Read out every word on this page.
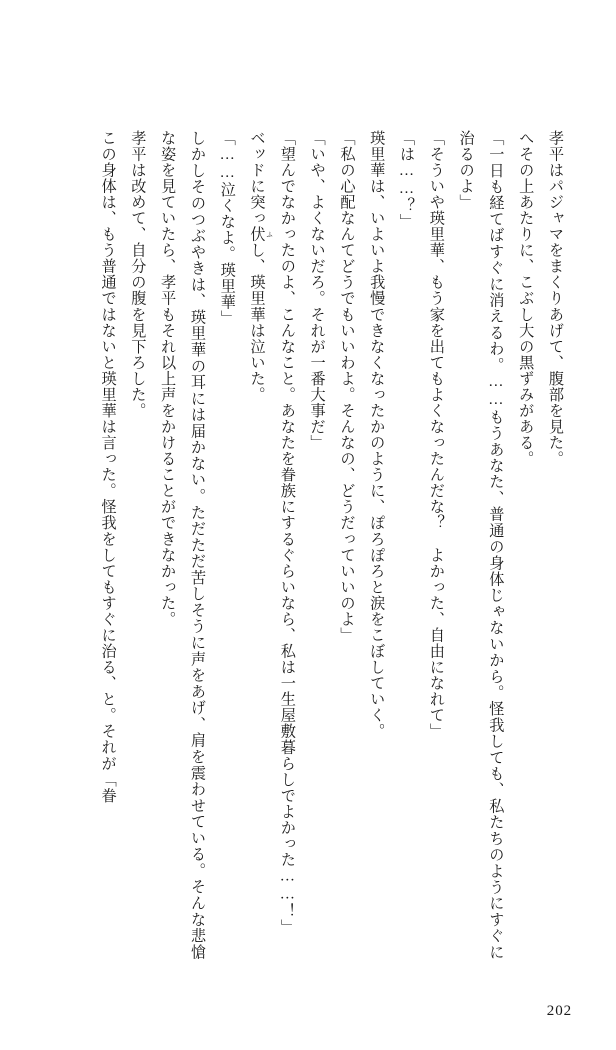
孝平はパジャマをまくりあげて、腹部を見た。

へその上あたりに、こぶし大の黒ずみがある。

「一日も経てばすぐに消えるわ。……もうあなた、普通の身体じゃないから。怪我しても、私たちのようにすぐに治るのよ」

「そういや瑛里華、もう家を出てもよくなったんだな？　よかった、自由になれて」

「は……？」

瑛里華は、いよいよ我慢できなくなったかのように、ぽろぽろと涙をこぼしていく。

「私の心配なんてどうでもいいわよ。そんなの、どうだっていいのよ」

「いや、よくないだろ。それが一番大事だ」

「望んでなかったのよ、こんなこと。あなたを眷族にするぐらいなら、私は一生屋敷暮らしでよかった……！」

ベッドに突っ伏 ふし、瑛里華は泣いた。

「……泣くなよ。瑛里華」

しかしそのつぶやきは、瑛里華の耳には届かない。ただただ苦しそうに声をあげ、肩を震わせている。そんな悲愴な姿を見ていたら、孝平もそれ以上声をかけることができなかった。

孝平は改めて、自分の腹を見下ろした。

この身体は、もう普通ではないと瑛里華は言った。怪我をしてもすぐに治る、と。それが「眷

202
